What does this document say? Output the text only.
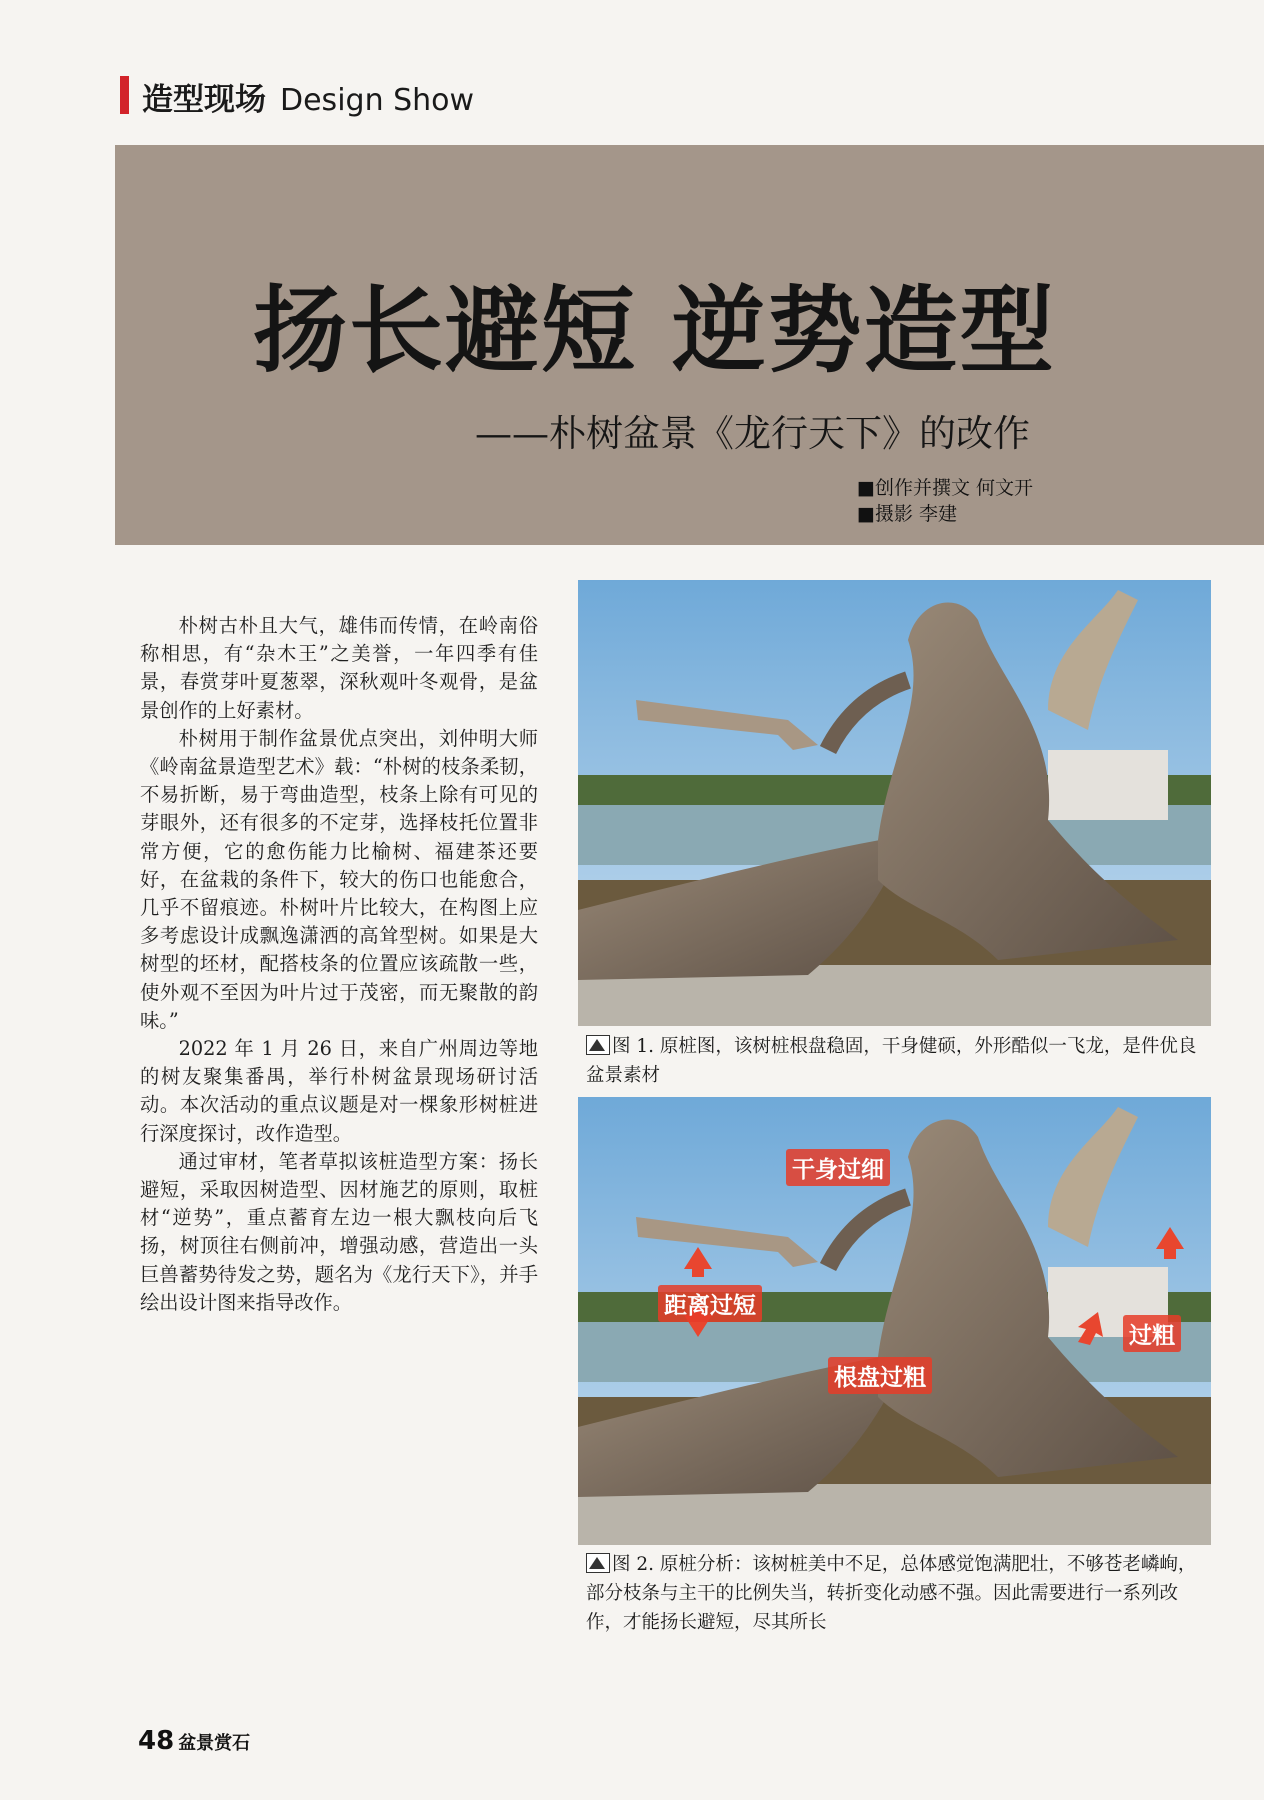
造型现场 Design Show
扬长避短 逆势造型
——朴树盆景《龙行天下》的改作
■创作并撰文 何文开
■摄影 李建

朴树古朴且大气，雄伟而传情，在岭南俗称相思，有“杂木王”之美誉，一年四季有佳景，春赏芽叶夏葱翠，深秋观叶冬观骨，是盆景创作的上好素材。

朴树用于制作盆景优点突出，刘仲明大师《岭南盆景造型艺术》载：“朴树的枝条柔韧，不易折断，易于弯曲造型，枝条上除有可见的芽眼外，还有很多的不定芽，选择枝托位置非常方便，它的愈伤能力比榆树、福建茶还要好，在盆栽的条件下，较大的伤口也能愈合，几乎不留痕迹。朴树叶片比较大，在构图上应多考虑设计成飘逸潇洒的高耸型树。如果是大树型的坯材，配搭枝条的位置应该疏散一些，使外观不至因为叶片过于茂密，而无聚散的韵味。”

2022 年 1 月 26 日，来自广州周边等地的树友聚集番禺，举行朴树盆景现场研讨活动。本次活动的重点议题是对一棵象形树桩进行深度探讨，改作造型。

通过审材，笔者草拟该桩造型方案：扬长避短，采取因树造型、因材施艺的原则，取桩材“逆势”，重点蓄育左边一根大飘枝向后飞扬，树顶往右侧前冲，增强动感，营造出一头巨兽蓄势待发之势，题名为《龙行天下》，并手绘出设计图来指导改作。

图 1. 原桩图，该树桩根盘稳固，干身健硕，外形酷似一飞龙，是件优良盆景素材
干身过细
距离过短
过粗
根盘过粗
图 2. 原桩分析：该树桩美中不足，总体感觉饱满肥壮，不够苍老嶙峋，部分枝条与主干的比例失当，转折变化动感不强。因此需要进行一系列改作，才能扬长避短，尽其所长
48 盆景赏石
